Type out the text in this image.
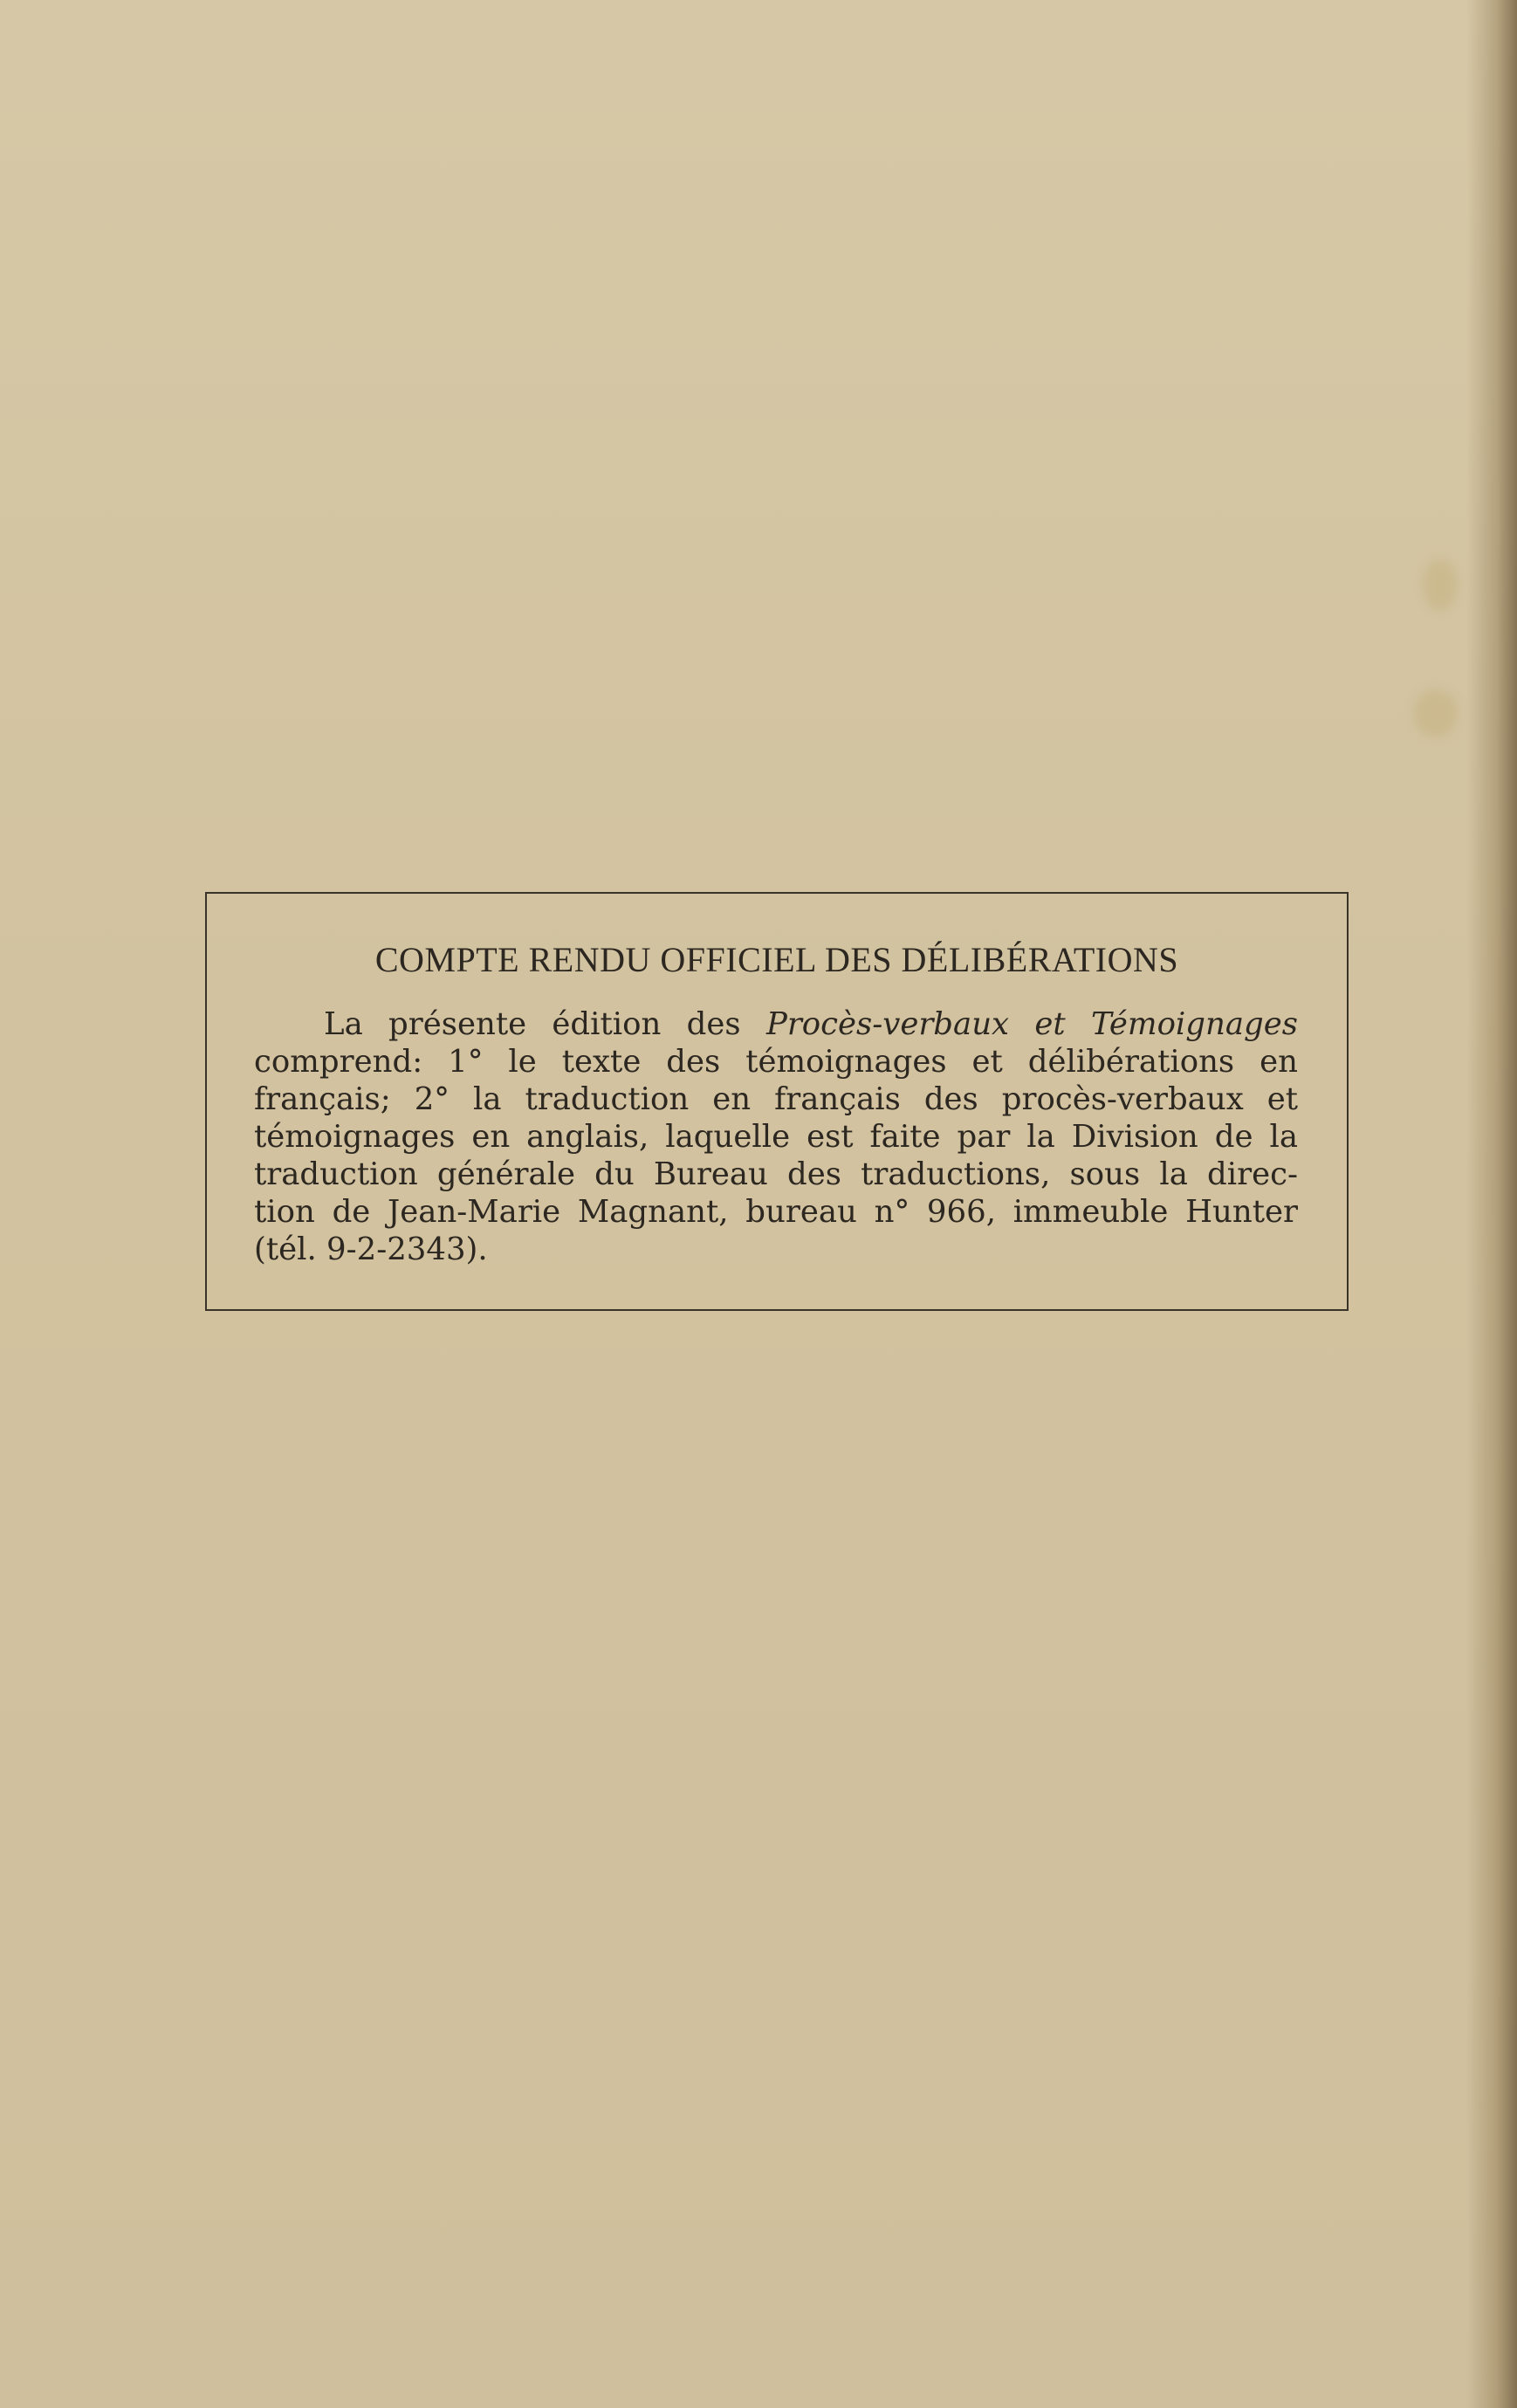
COMPTE RENDU OFFICIEL DES DÉLIBÉRATIONS
La présente édition des Procès-verbaux et Témoignages
comprend: 1° le texte des témoignages et délibérations en
français; 2° la traduction en français des procès-verbaux et
témoignages en anglais, laquelle est faite par la Division de la
traduction générale du Bureau des traductions, sous la direc-
tion de Jean-Marie Magnant, bureau n° 966, immeuble Hunter
(tél. 9-2-2343).
